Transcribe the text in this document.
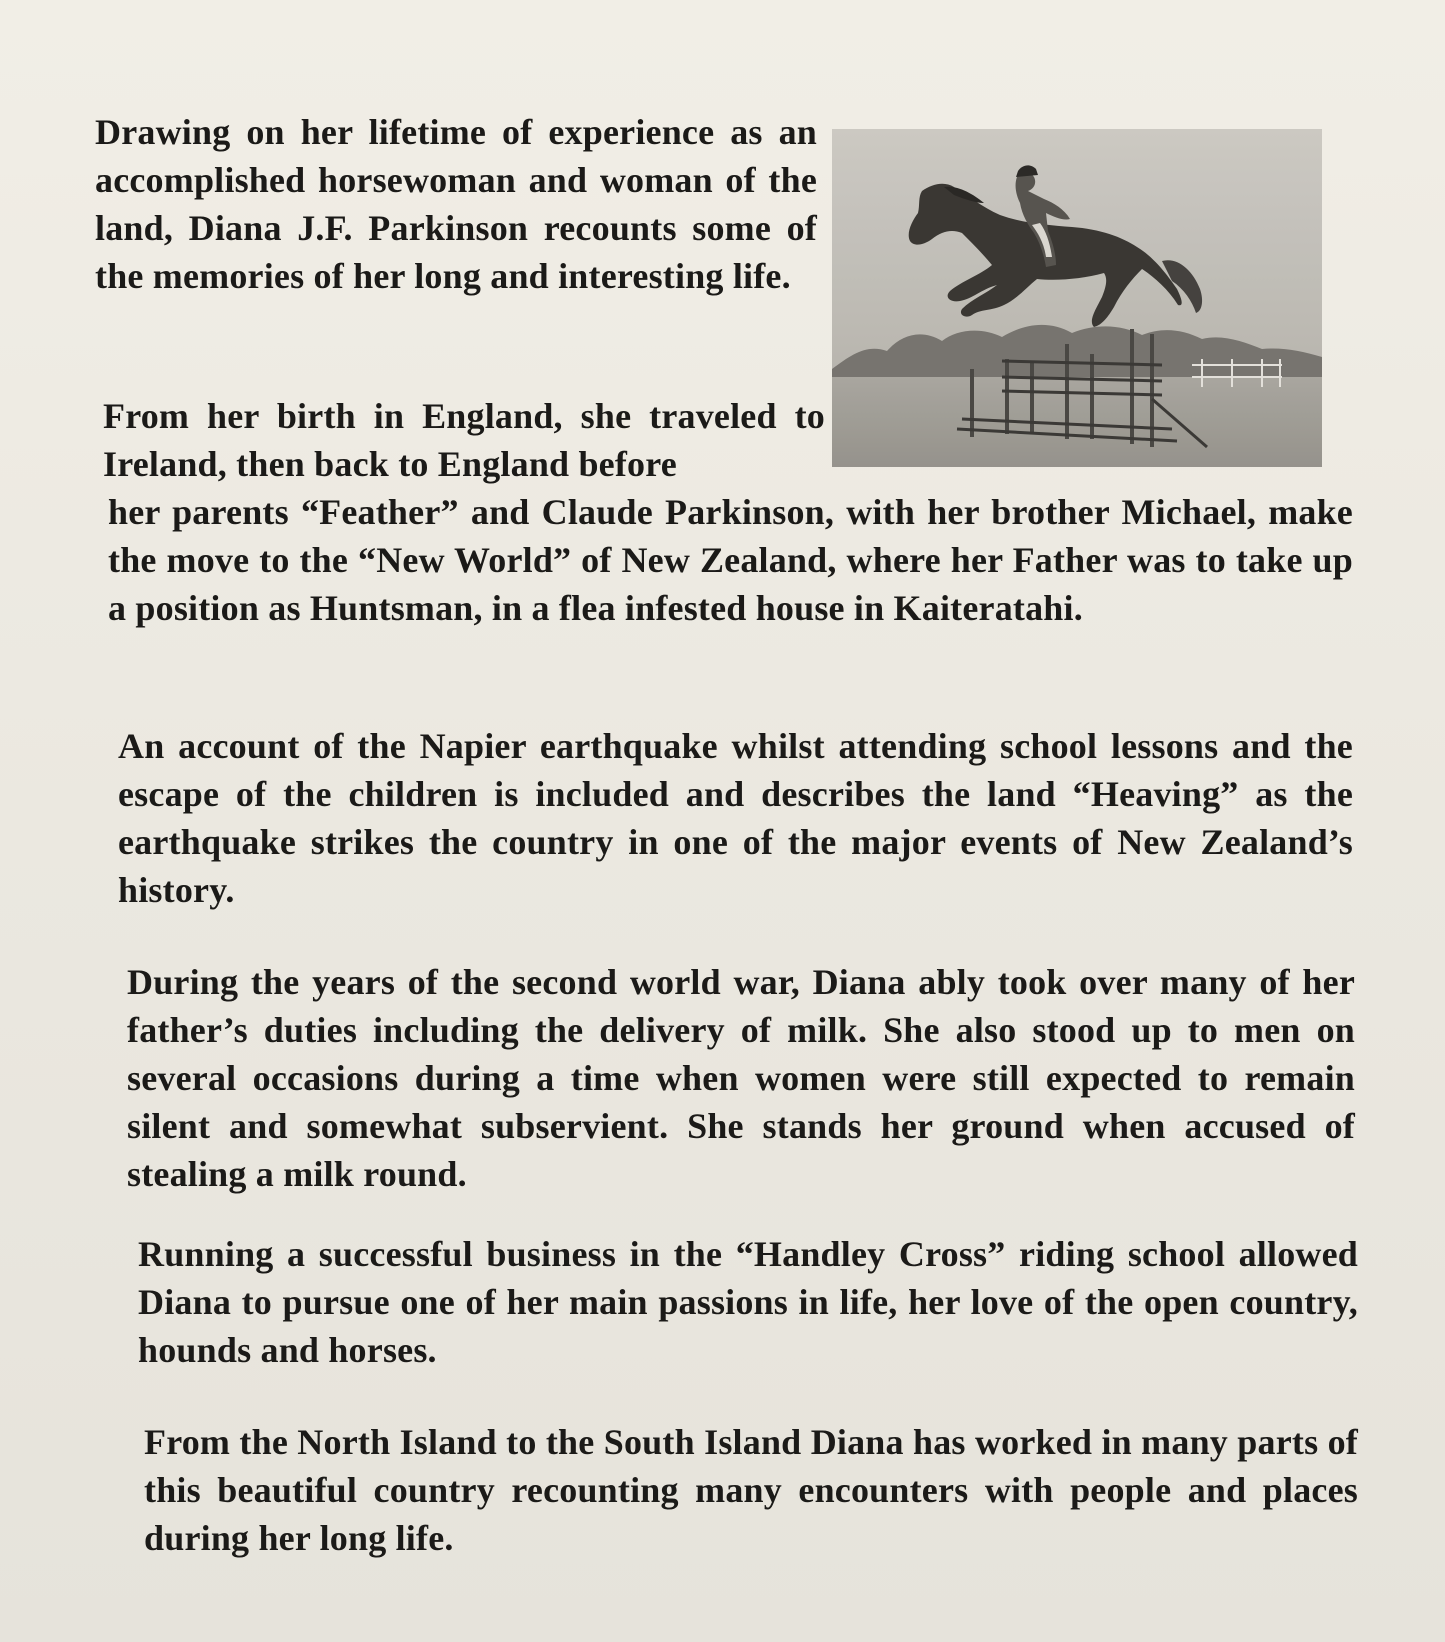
Drawing on her lifetime of experience as an accomplished horsewoman and woman of the land, Diana J.F. Parkinson recounts some of the memories of her long and interesting life.

From her birth in England, she traveled to Ireland, then back to England before

her parents “Feather” and Claude Parkinson, with her brother Michael, make the move to the “New World” of New Zealand, where her Father was to take up a position as Huntsman, in a flea infested house in Kaiteratahi.

An account of the Napier earthquake whilst attending school lessons and the escape of the children is included and describes the land “Heaving” as the earthquake strikes the country in one of the major events of New Zealand’s history.

During the years of the second world war, Diana ably took over many of her father’s duties including the delivery of milk. She also stood up to men on several occasions during a time when women were still expected to remain silent and somewhat subservient. She stands her ground when accused of stealing a milk round.

Running a successful business in the “Handley Cross” riding school allowed Diana to pursue one of her main passions in life, her love of the open country, hounds and horses.

From the North Island to the South Island Diana has worked in many parts of this beautiful country recounting many encounters with people and places during her long life.
